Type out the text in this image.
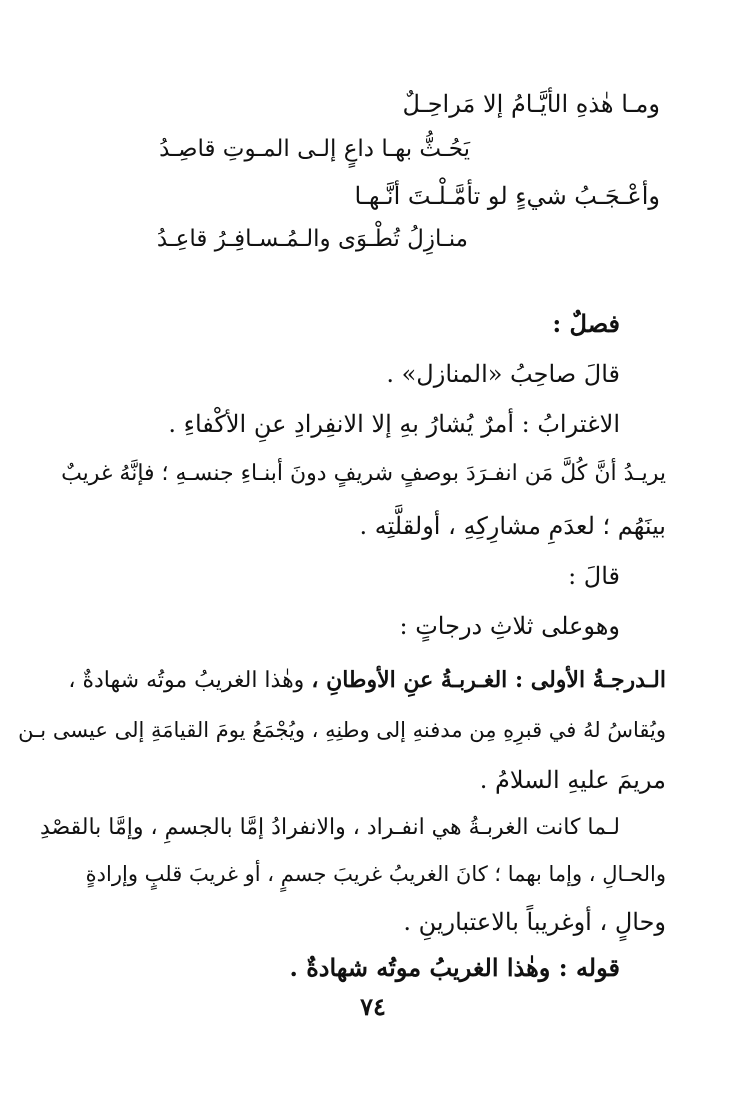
ومـا هٰذهِ الأيَّـامُ إلا مَراحِـلٌ
يَحُـثُّ بهـا داعٍ إلـى المـوتِ قاصِـدُ
وأعْـجَـبُ شيءٍ لو تأمَّـلْـتَ أنَّـهـا
منـازِلُ تُطْـوَى والـمُـسـافِـرُ قاعِـدُ
فصلٌ :
قالَ صاحِبُ «المنازل» .
الاغترابُ : أمرٌ يُشارُ بهِ إلا الانفِرادِ عنِ الأكْفاءِ .
يريـدُ أنَّ كُلَّ مَن انفـرَدَ بوصفٍ شريفٍ دونَ أبنـاءِ جنسـهِ ؛ فإنَّهُ غريبٌ
بينَهُم ؛ لعدَمِ مشارِكِهِ ، أولقلَّتِه .
قالَ :
وهوعلى ثلاثِ درجاتٍ :
الـدرجـةُ الأولى : الغـربـةُ عنِ الأوطانِ ، وهٰذا الغريبُ موتُه شهادةٌ ،
ويُقاسُ لهُ في قبرِهِ مِن مدفنهِ إلى وطنِهِ ، ويُجْمَعُ يومَ القيامَةِ إلى عيسى بـن
مريمَ عليهِ السلامُ .
لـما كانت الغربـةُ هي انفـراد ، والانفرادُ إمَّا بالجسمِ ، وإمَّا بالقصْدِ
والحـالِ ، وإما بهما ؛ كانَ الغريبُ غريبَ جسمٍ ، أو غريبَ قلبٍ وإرادةٍ
وحالٍ ، أوغريباً بالاعتبارينِ .
قوله : وهٰذا الغريبُ موتُه شهادةٌ .
٧٤
